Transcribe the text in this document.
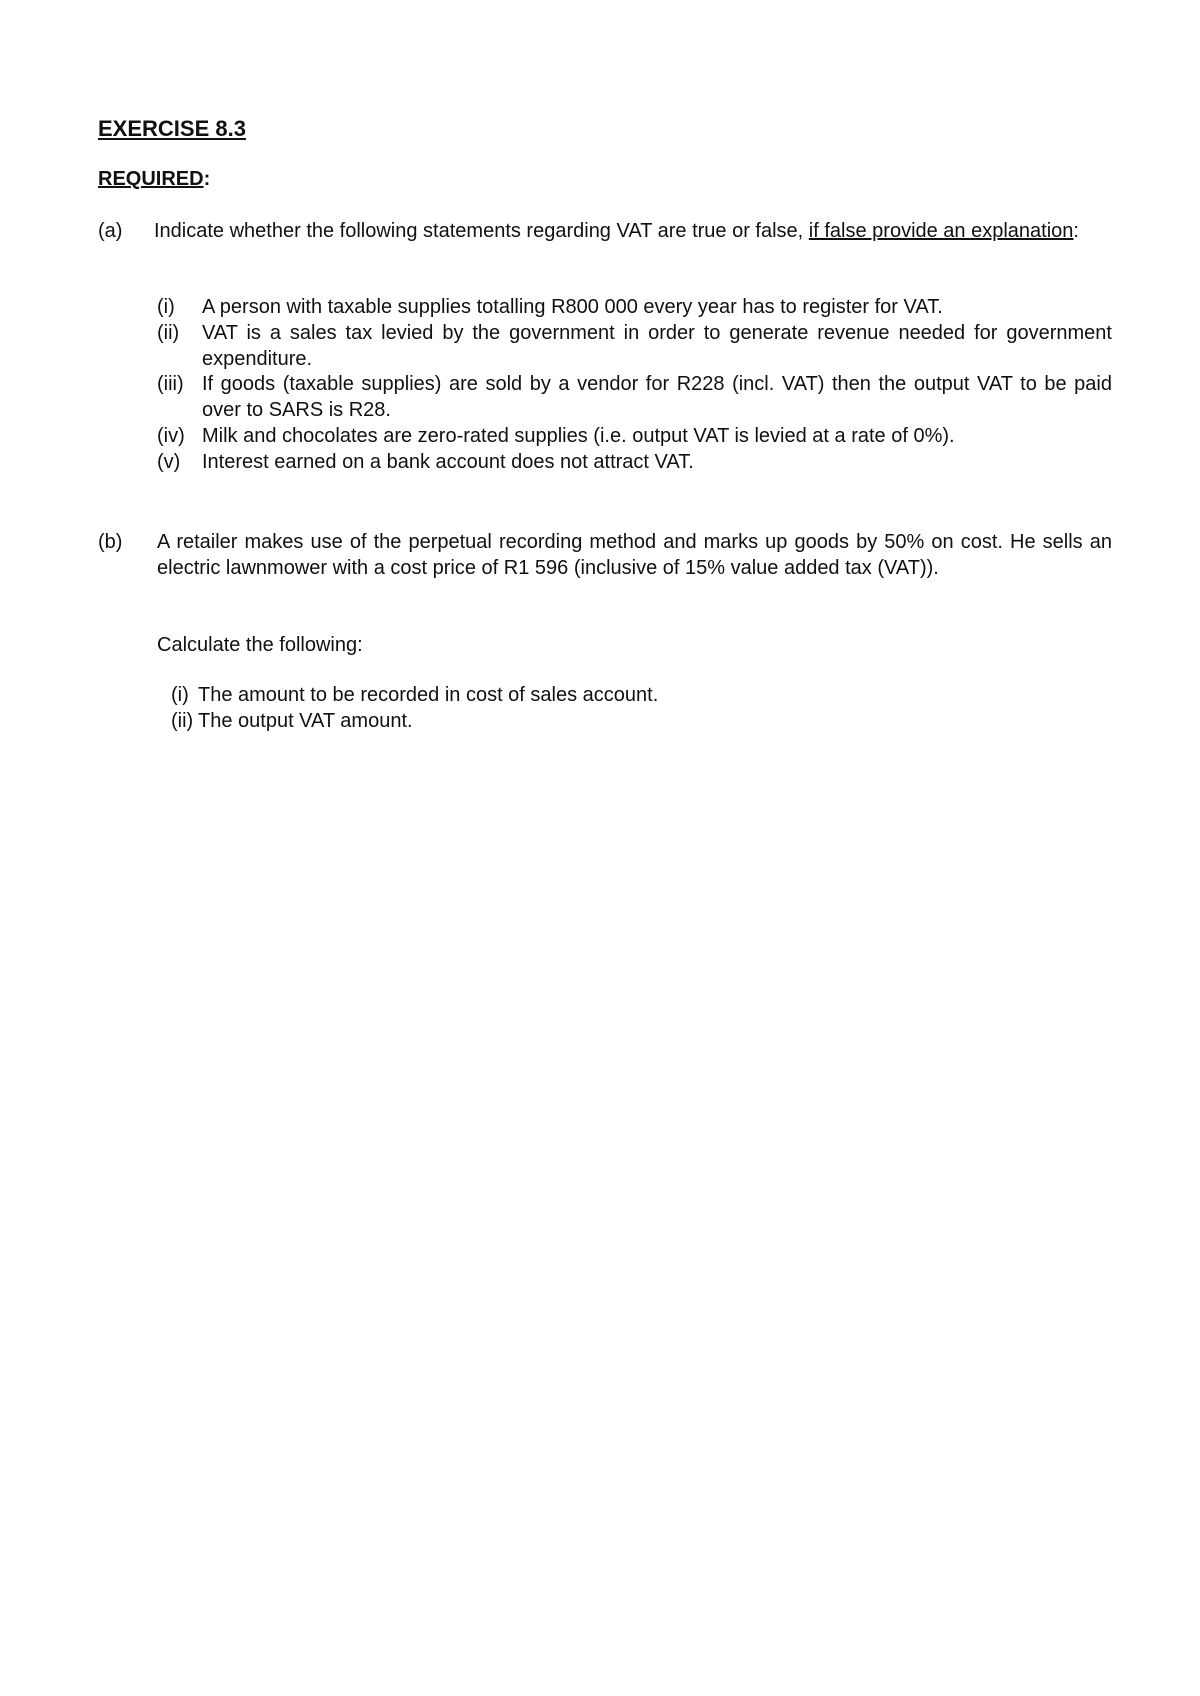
EXERCISE 8.3
REQUIRED:
(a) Indicate whether the following statements regarding VAT are true or false, if false provide an explanation:
(i)	A person with taxable supplies totalling R800 000 every year has to register for VAT.
(ii)	VAT is a sales tax levied by the government in order to generate revenue needed for government expenditure.
(iii) If goods (taxable supplies) are sold by a vendor for R228 (incl. VAT) then the output VAT to be paid over to SARS is R28.
(iv) Milk and chocolates are zero-rated supplies (i.e. output VAT is levied at a rate of 0%).
(v)	Interest earned on a bank account does not attract VAT.
(b) A retailer makes use of the perpetual recording method and marks up goods by 50% on cost. He sells an electric lawnmower with a cost price of R1 596 (inclusive of 15% value added tax (VAT)).
Calculate the following:
(i) The amount to be recorded in cost of sales account.
(ii) The output VAT amount.
